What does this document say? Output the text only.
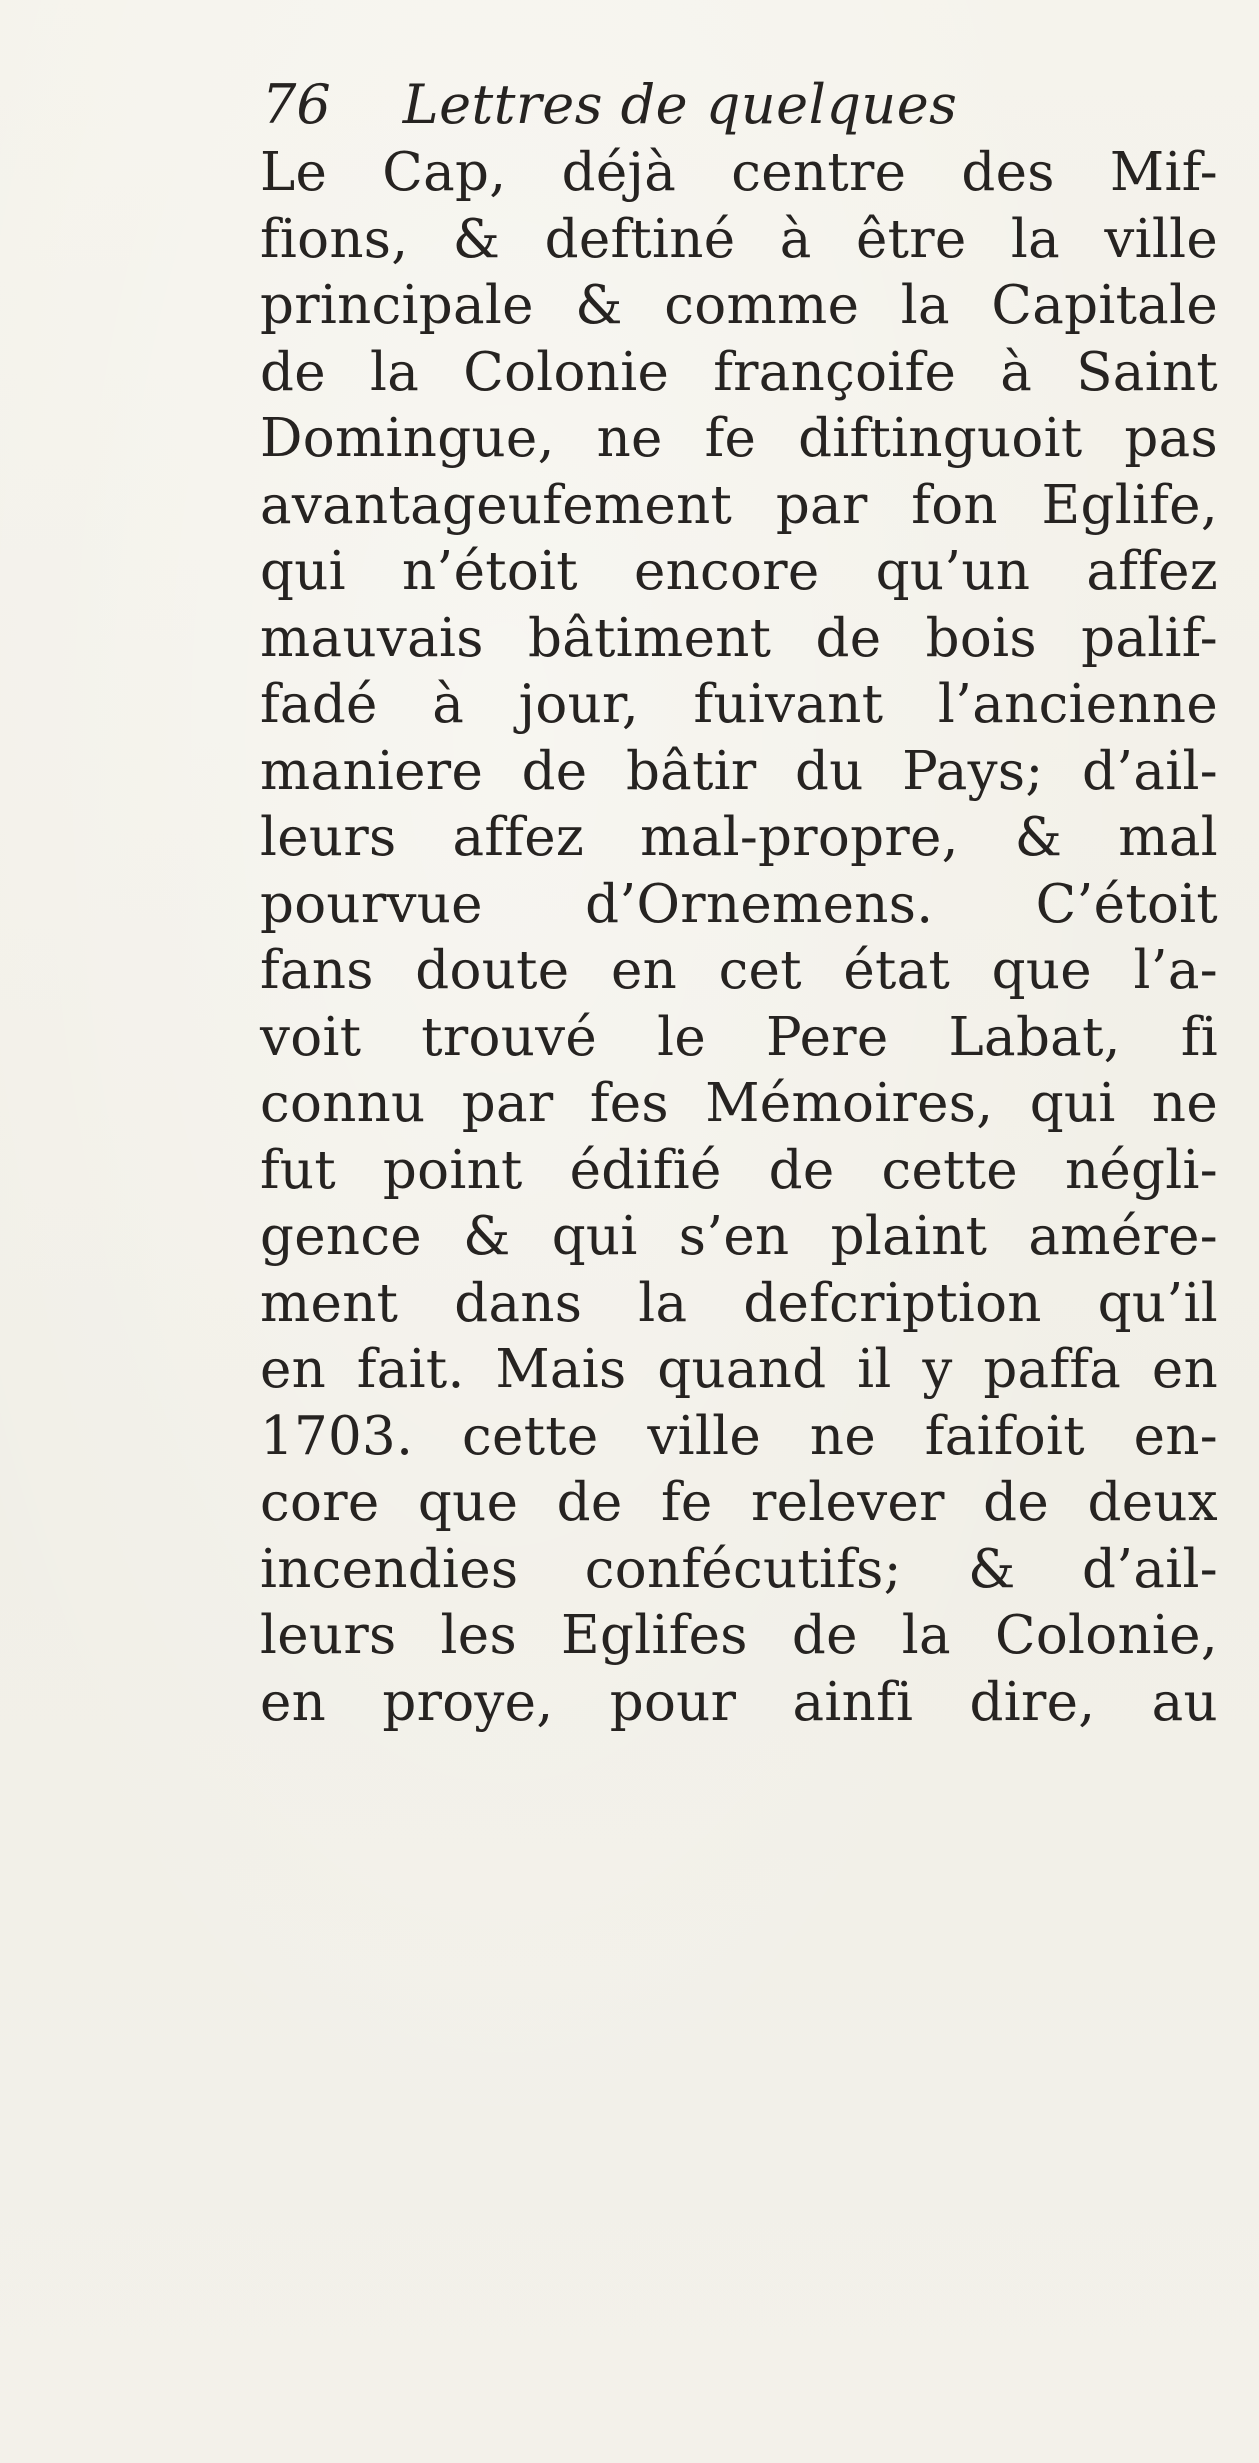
76 Lettres de quelques
Le Cap, déjà centre des Mif-
fions, & deftiné à être la ville
principale & comme la Capitale
de la Colonie françoife à Saint
Domingue, ne fe diftinguoit pas
avantageufement par fon Eglife,
qui n’étoit encore qu’un affez
mauvais bâtiment de bois palif-
fadé à jour, fuivant l’ancienne
maniere de bâtir du Pays; d’ail-
leurs affez mal-propre, & mal
pourvue d’Ornemens. C’étoit
fans doute en cet état que l’a-
voit trouvé le Pere Labat, fi
connu par fes Mémoires, qui ne
fut point édifié de cette négli-
gence & qui s’en plaint amére-
ment dans la defcription qu’il
en fait. Mais quand il y paffa en
1703. cette ville ne faifoit en-
core que de fe relever de deux
incendies confécutifs; & d’ail-
leurs les Eglifes de la Colonie,
en proye, pour ainfi dire, au
